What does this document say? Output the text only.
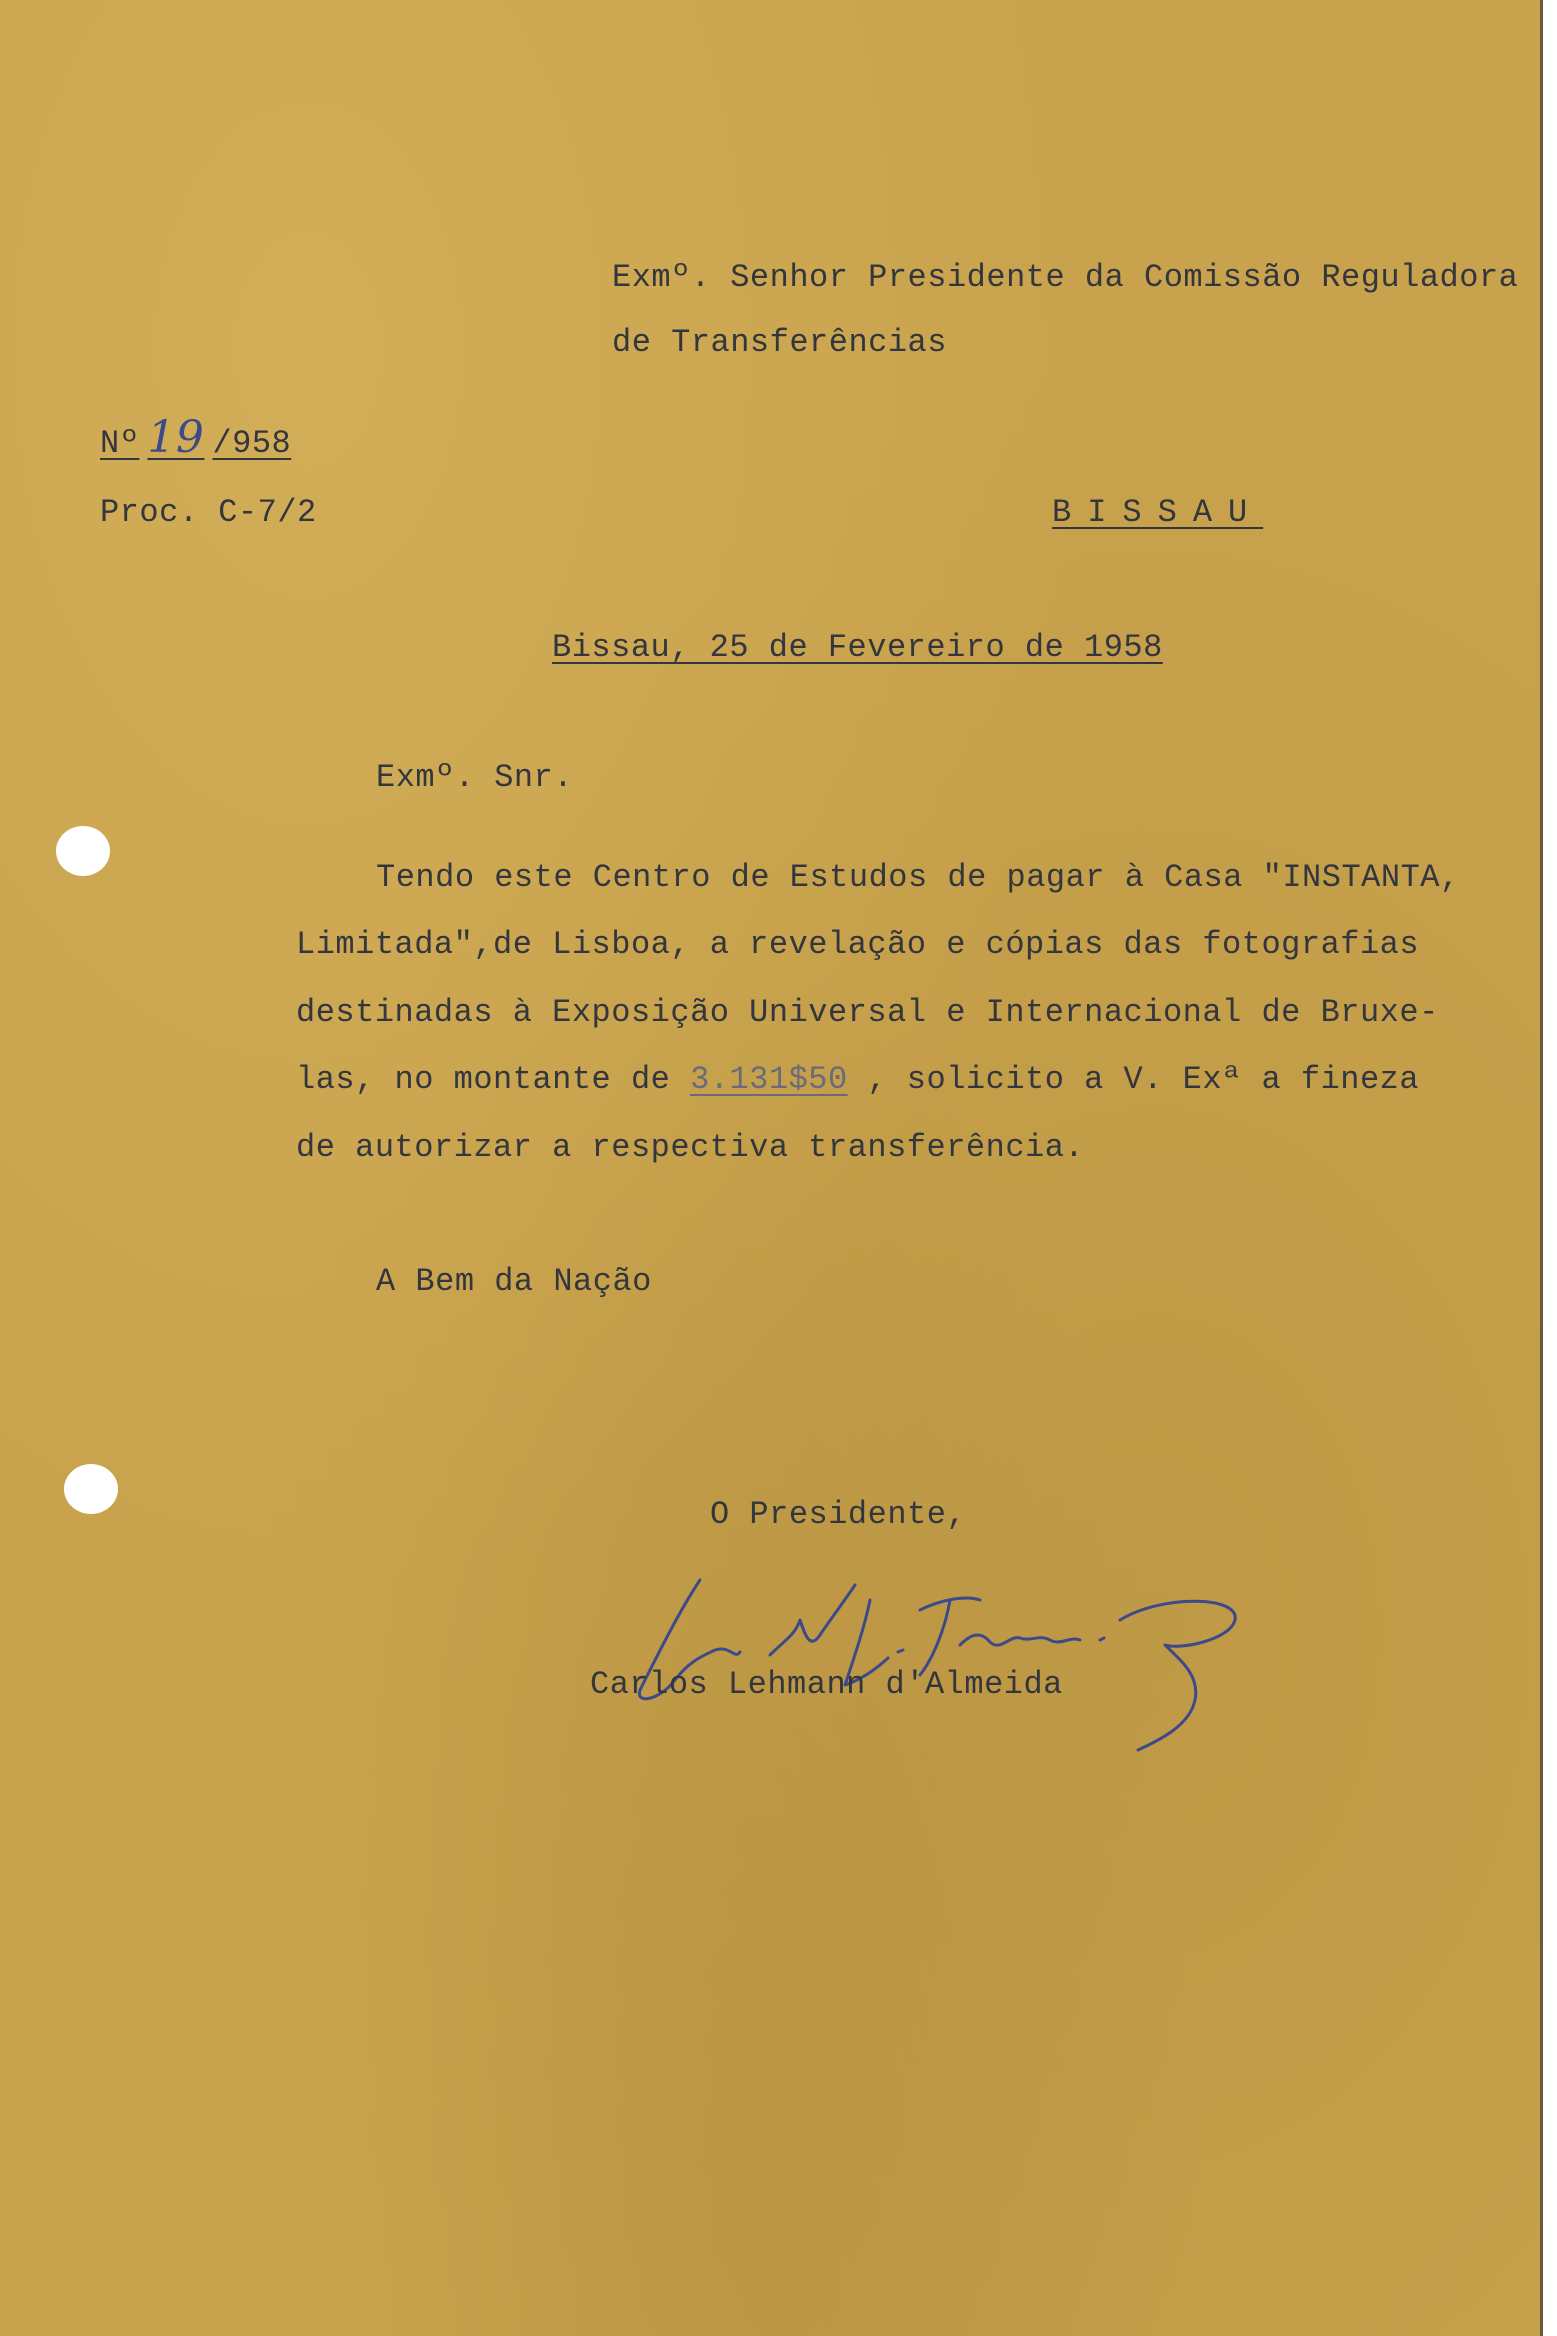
Exmº. Senhor Presidente da Comissão Reguladora

de Transferências

Nº 19 /958

Proc. C-7/2	BISSAU

Bissau, 25 de Fevereiro de 1958

Exmº. Snr.

Tendo este Centro de Estudos de pagar à Casa "INSTANTA,

Limitada",de Lisboa, a revelação e cópias das fotografias

destinadas à Exposição Universal e Internacional de Bruxe-

las, no montante de 3.131$50 , solicito a V. Exª a fineza

de autorizar a respectiva transferência.

A Bem da Nação

O Presidente,

Carlos Lehmann d'Almeida
